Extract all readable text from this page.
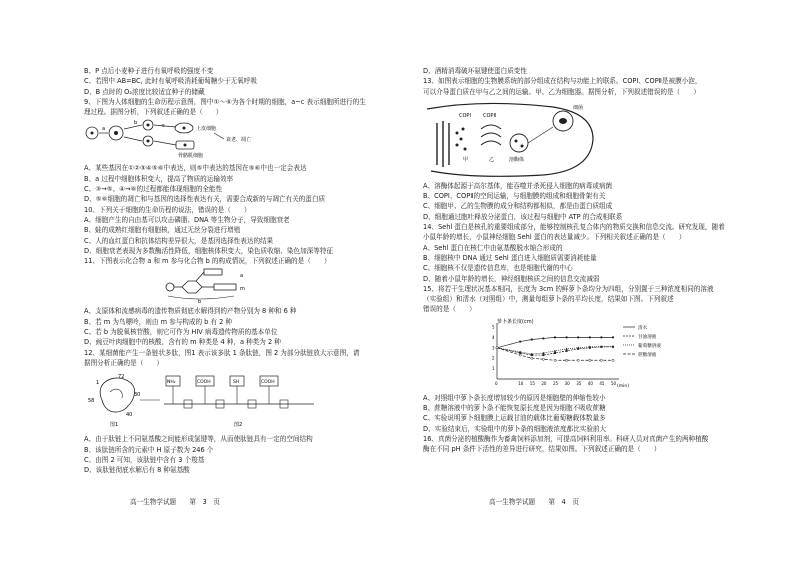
B、P 点后小麦种子进行有氧呼吸的强度不变
C、若图中 AB=BC, 此时有氧呼吸消耗葡萄糖少于无氧呼吸
D、B 点时的 O₂浓度比较适宜种子的储藏
9、下图为人体细胞的生命历程示意图，图中①～⑥为各个时期的细胞，a~c 表示细胞所进行的生
理过程。据图分析，下列叙述正确的是（　　）
b
上皮细胞
骨骼肌细胞
衰老、凋亡
a
A、某些基因在①②③④⑤⑥中表达，则⑤中表达的基因在⑤⑥中也一定会表达
B、a 过程中细胞体积变大，提高了物质的运输效率
C、③→⑤、④→⑥的过程都能体现细胞的全能性
D、⑤⑥细胞的凋亡和与基因的选择性表达有关，需要合成新的与凋亡有关的蛋白质
10、下列关于细胞的生命历程的说法，错误的是（　　）
A、细胞产生的自由基可以攻击磷脂、DNA 等生物分子，导致细胞衰老
B、蛙的成熟红细胞有细胞核，通过无丝分裂进行增殖
C、人的血红蛋白和抗体结构差异很大，是基因选择性表达的结果
D、细胞衰老表现为多数酶活性降低，细胞核体积变大，染色质收缩、染色加深等特征
11、下图表示化合物 a 和 m 参与化合物 b 的构成情况，下列叙述正确的是（　　）
a
m
b
A、支原体和流感病毒的遗传物质彻底水解得到的产物分别为 8 种和 6 种
B、若 m 为鸟嘌呤，则由 m 参与构成的 b 有 2 种
C、若 b 为脱氧核苷酸，则它可作为 HIV 病毒遗传物质的基本单位
D、豌豆叶肉细胞中的核酸，含有的 m 种类是 4 种，a 种类为 2 种
12、某细菌能产生一条链状多肽，图1 表示该多肽 1 条肽链，图 2 为部分肽链放大示意图，请
据图分析正确的是（　　）
72
1
58
40
30
图1
NH₂	COOH	SH	COOH
图2
A、由于肽链上不同氨基酸之间能形成氢键等，从而使肽链具有一定的空间结构
B、该肽链所含的元素中 H 原子数为 246 个
C、由图 2 可知，该肽链中含有 3 个羧基
D、该肽链彻底水解后有 8 种氨基酸
高一生物学试题　　第　3　页
D、酒精消毒破坏氨键使蛋白质变性
13、如图表示细胞的生物膜系统的部分组成在结构与功能上的联系。COPⅠ、COPⅡ是被膜小泡，
可以介导蛋白质在甲与乙之间的运输。甲、乙为细胞器。据图分析，下列叙述错误的是（　　）
COPⅠ COPⅡ
甲	乙	溶酶体
细菌
A、溶酶体起源于高尔基体，能吞噬并杀死侵入细胞的病毒或病菌
B、COPⅠ、COPⅡ的空间运输，与细胞膜的组成和细胞骨架有关
C、细胞甲、乙的生物膜的成分和结构都相似，都是由蛋白质组成
D、细胞通过胞吐释放分泌蛋白，该过程与细胞中 ATP 的合成相联系
14、Sehl 蛋白是核孔的重要组成部分，能够控制核孔复合体内的物质交换和信息交流。研究发现，随着
小鼠年龄的增长，小鼠神经细胞 Sehl 蛋白的表达量减少。下列相关叙述正确的是（　　）
A、Sehl 蛋白在核仁中由氨基酸脱水缩合形成的
B、细胞核中 DNA 通过 Sehl 蛋白进入细胞质需要消耗能量
C、细胞核不仅是遗传信息库，也是细胞代谢的中心
D、随着小鼠年龄的增长，神经细胞核质之间的信息交流减弱
15、将若干生理状况基本相同，长度为 3cm 的鲜萝卜条均分为四组，分别置于三种浓度相同的溶液
（实验组）和清水（对照组）中，测量每组萝卜条的平均长度，结果如下图。下列叙述
错误的是（　　）
萝卜条长度(cm)
(min)
0	10 15 20 25 30 35 40 45 50
1
2
3
4
5	清水
甘油溶液
葡萄糖溶液
蔗糖溶液
A、对照组中萝卜条长度增加较少的原因是细胞壁的伸缩性较小
B、蔗糖溶液中的萝卜条不能恢复原长度是因为细胞不吸收蔗糖
C、实验说明萝卜细胞膜上运载甘油的载体比葡萄糖载体数量多
D、实验结束后，实验组中的萝卜条的细胞液浓度都比实验前大
16、真菌分泌的植酸酶作为畜禽饲料添加剂，可提高饲料利用率。科研人员对真菌产生的两种植酸
酶在不同 pH 条件下活性的差异进行研究，结果如图。下列叙述正确的是（　　）
高一生物学试题　　第　4　页
